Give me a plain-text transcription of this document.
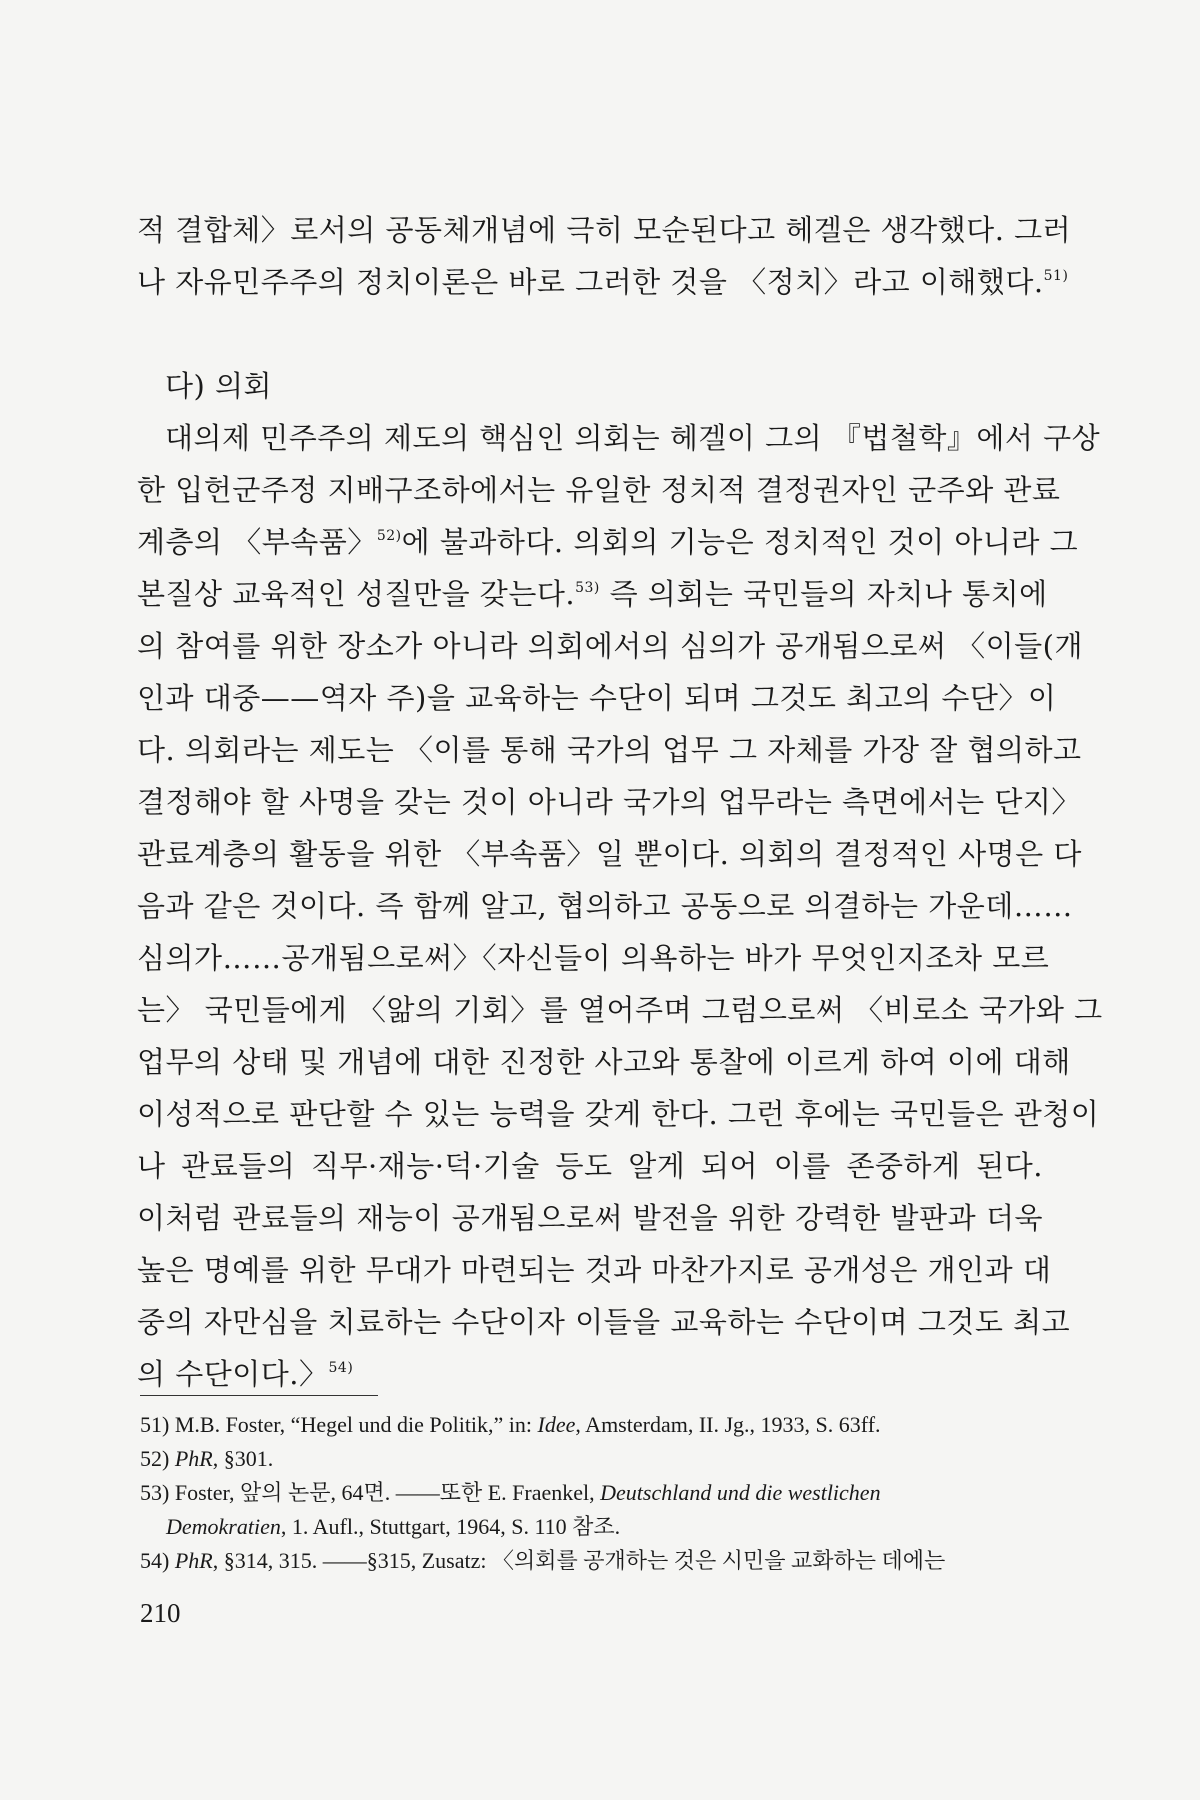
적 결합체〉로서의 공동체개념에 극히 모순된다고 헤겔은 생각했다. 그러
나 자유민주주의 정치이론은 바로 그러한 것을 〈정치〉라고 이해했다.$^{51)}$
다) 의회
대의제 민주주의 제도의 핵심인 의회는 헤겔이 그의 『법철학』에서 구상
한 입헌군주정 지배구조하에서는 유일한 정치적 결정권자인 군주와 관료
계층의 〈부속품〉$^{52)}$에 불과하다. 의회의 기능은 정치적인 것이 아니라 그
본질상 교육적인 성질만을 갖는다.$^{53)}$ 즉 의회는 국민들의 자치나 통치에
의 참여를 위한 장소가 아니라 의회에서의 심의가 공개됨으로써 〈이들(개
인과 대중——역자 주)을 교육하는 수단이 되며 그것도 최고의 수단〉이
다. 의회라는 제도는 〈이를 통해 국가의 업무 그 자체를 가장 잘 협의하고
결정해야 할 사명을 갖는 것이 아니라 국가의 업무라는 측면에서는 단지〉
관료계층의 활동을 위한 〈부속품〉일 뿐이다. 의회의 결정적인 사명은 다
음과 같은 것이다. 즉 함께 알고, 협의하고 공동으로 의결하는 가운데……
심의가……공개됨으로써〉〈자신들이 의욕하는 바가 무엇인지조차 모르
는〉 국민들에게 〈앎의 기회〉를 열어주며 그럼으로써 〈비로소 국가와 그
업무의 상태 및 개념에 대한 진정한 사고와 통찰에 이르게 하여 이에 대해
이성적으로 판단할 수 있는 능력을 갖게 한다. 그런 후에는 국민들은 관청이
나 관료들의 직무·재능·덕·기술 등도 알게 되어 이를 존중하게 된다.
이처럼 관료들의 재능이 공개됨으로써 발전을 위한 강력한 발판과 더욱
높은 명예를 위한 무대가 마련되는 것과 마찬가지로 공개성은 개인과 대
중의 자만심을 치료하는 수단이자 이들을 교육하는 수단이며 그것도 최고
의 수단이다.〉$^{54)}$
51) M.B. Foster, “Hegel und die Politik,” in: Idee, Amsterdam, II. Jg., 1933, S. 63ff.
52) PhR, §301.
53) Foster, 앞의 논문, 64면. ——또한 E. Fraenkel, Deutschland und die westlichen
Demokratien, 1. Aufl., Stuttgart, 1964, S. 110 참조.
54) PhR, §314, 315. ——§315, Zusatz: 〈의회를 공개하는 것은 시민을 교화하는 데에는
210
